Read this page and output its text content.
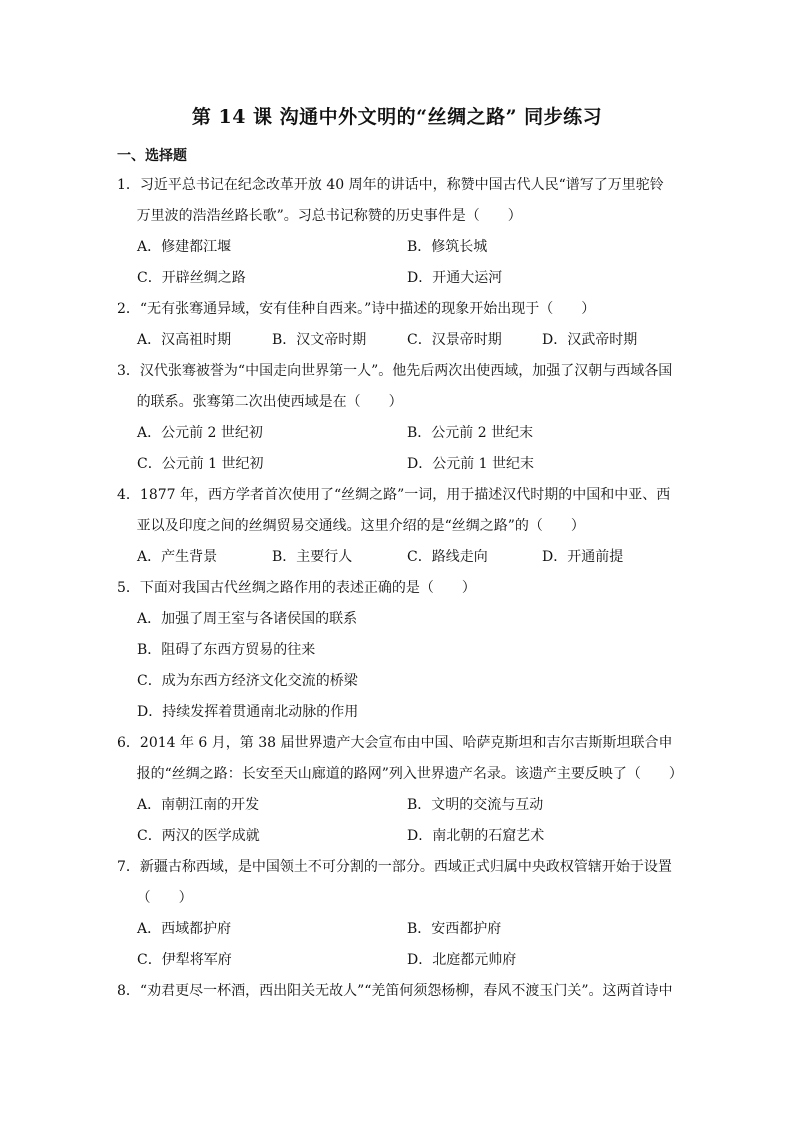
第 14 课 沟通中外文明的“丝绸之路” 同步练习
一、选择题
1．习近平总书记在纪念改革开放 40 周年的讲话中，称赞中国古代人民“谱写了万里驼铃万里波的浩浩丝路长歌”。习总书记称赞的历史事件是（　　）
A．修建都江堰	B．修筑长城
C．开辟丝绸之路	D．开通大运河
2．“无有张骞通异域，安有佳种自西来。”诗中描述的现象开始出现于（　　）
A．汉高祖时期	B．汉文帝时期	C．汉景帝时期	D．汉武帝时期
3．汉代张骞被誉为“中国走向世界第一人”。他先后两次出使西域，加强了汉朝与西域各国的联系。张骞第二次出使西域是在（　　）
A．公元前 2 世纪初	B．公元前 2 世纪末
C．公元前 1 世纪初	D．公元前 1 世纪末
4．1877 年，西方学者首次使用了“丝绸之路”一词，用于描述汉代时期的中国和中亚、西亚以及印度之间的丝绸贸易交通线。这里介绍的是“丝绸之路”的（　　）
A．产生背景	B．主要行人	C．路线走向	D．开通前提
5．下面对我国古代丝绸之路作用的表述正确的是（　　）
A．加强了周王室与各诸侯国的联系
B．阻碍了东西方贸易的往来
C．成为东西方经济文化交流的桥梁
D．持续发挥着贯通南北动脉的作用
6．2014 年 6 月，第 38 届世界遗产大会宣布由中国、哈萨克斯坦和吉尔吉斯斯坦联合申报的“丝绸之路：长安至天山廊道的路网”列入世界遗产名录。该遗产主要反映了（　　）
A．南朝江南的开发	B．文明的交流与互动
C．两汉的医学成就	D．南北朝的石窟艺术
7．新疆古称西域，是中国领土不可分割的一部分。西域正式归属中央政权管辖开始于设置（　　）
A．西域都护府	B．安西都护府
C．伊犁将军府	D．北庭都元帅府
8．“劝君更尽一杯酒，西出阳关无故人”“羌笛何须怨杨柳，春风不渡玉门关”。这两首诗中
